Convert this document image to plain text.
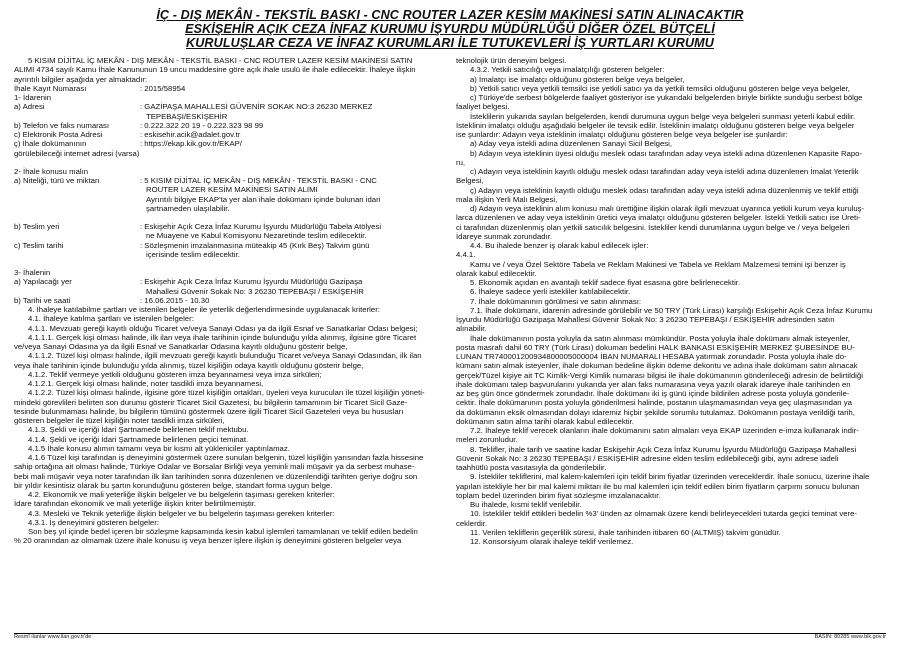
İÇ - DIŞ MEKÂN - TEKSTİL BASKI - CNC ROUTER LAZER KESİM MAKİNESİ SATIN ALINACAKTIR
ESKİŞEHİR AÇIK CEZA İNFAZ KURUMU İŞYURDU MÜDÜRLÜĞÜ DİĞER ÖZEL BÜTÇELİ
KURULUŞLAR CEZA VE İNFAZ KURUMLARI İLE TUTUKEVLERİ İŞ YURTLARI KURUMU
5 KISIM DİJİTAL İÇ MEKÂN - DIŞ MEKÂN - TEKSTİL BASKI - CNC ROUTER LAZER KESİM MAKİNESİ SATIN
ALIMI 4734 sayılı Kamu İhale Kanununun 19 uncu maddesine göre açık ihale usulü ile ihale edilecektir. İhaleye ilişkin
ayrıntılı bilgiler aşağıda yer almaktadır:
İhale Kayıt Numarası	: 2015/58954
1- İdarenin
a) Adresi	: GAZİPAŞA MAHALLESİ GÜVENİR SOKAK NO:3 26230 MERKEZ
TEPEBAŞI/ESKİŞEHİR
b) Telefon ve faks numarası	: 0.222.322 20 19 - 0.222.323 98 99
c) Elektronik Posta Adresi	: eskisehir.acik@adalet.gov.tr
ç) İhale dokümanının	: https://ekap.kik.gov.tr/EKAP/
görülebileceği internet adresi (varsa)
2- İhale konusu malın
a) Niteliği, türü ve miktarı	: 5 KISIM DİJİTAL İÇ MEKÂN - DIŞ MEKÂN - TEKSTİL BASKI - CNC
ROUTER LAZER KESİM MAKİNESİ SATIN ALIMI
Ayrıntılı bilgiye EKAP'ta yer alan ihale dokümanı içinde bulunan idari
şartnameden ulaşılabilir.
b) Teslim yeri	: Eskişehir Açık Ceza İnfaz Kurumu İşyurdu Müdürlüğü Tabela Atölyesi
ne Muayene ve Kabul Komisyonu Nezaretinde teslim edilecektir.
c) Teslim tarihi	: Sözleşmenin imzalanmasına müteakip 45 (Kırk Beş) Takvim günü
içerisinde teslim edilecektir.
3- İhalenin
a) Yapılacağı yer	: Eskişehir Açık Ceza İnfaz Kurumu İşyurdu Müdürlüğü Gazipaşa
Mahallesi Güvenir Sokak No: 3 26230 TEPEBAŞI / ESKİŞEHİR
b) Tarihi ve saati	: 16.06.2015 - 10.30
4. İhaleye katılabilme şartları ve istenilen belgeler ile yeterlik değerlendirmesinde uygulanacak kriterler:
4.1. İhaleye katılma şartları ve istenilen belgeler:
4.1.1. Mevzuatı gereği kayıtlı olduğu Ticaret ve/veya Sanayi Odası ya da ilgili Esnaf ve Sanatkarlar Odası belgesi;
4.1.1.1. Gerçek kişi olması halinde, ilk ilan veya ihale tarihinin içinde bulunduğu yılda alınmış, ilgisine göre Ticaret
ve/veya Sanayi Odasına ya da ilgili Esnaf ve Sanatkarlar Odasına kayıtlı olduğunu gösterir belge,
4.1.1.2. Tüzel kişi olması halinde, ilgili mevzuatı gereği kayıtlı bulunduğu Ticaret ve/veya Sanayi Odasından, ilk ilan
veya ihale tarihinin içinde bulunduğu yılda alınmış, tüzel kişiliğin odaya kayıtlı olduğunu gösterir belge,
4.1.2. Teklif vermeye yetkili olduğunu gösteren imza beyannamesi veya imza sirküleri;
4.1.2.1. Gerçek kişi olması halinde, noter tasdikli imza beyannamesi,
4.1.2.2. Tüzel kişi olması halinde, ilgisine göre tüzel kişiliğin ortakları, üyeleri veya kurucuları ile tüzel kişiliğin yöneti-
mindeki görevlileri belirten son durumu gösterir Ticaret Sicil Gazetesi, bu bilgilerin tamamının bir Ticaret Sicil Gaze-
tesinde bulunmaması halinde, bu bilgilerin tümünü göstermek üzere ilgili Ticaret Sicil Gazeteleri veya bu hususları
gösteren belgeler ile tüzel kişiliğin noter tasdikli imza sirküleri,
4.1.3. Şekli ve içeriği İdari Şartnamede belirlenen teklif mektubu.
4.1.4. Şekli ve içeriği İdari Şartnamede belirlenen geçici teminat.
4.1.5 İhale konusu alımın tamamı veya bir kısmı alt yükleniciler yaptırılamaz.
4.1.6 Tüzel kişi tarafından iş deneyimini göstermek üzere sunulan belgenin, tüzel kişiliğin yarısından fazla hissesine
sahip ortağına ait olması halinde, Türkiye Odalar ve Borsalar Birliği veya yeminli mali müşavir ya da serbest muhase-
bebi mali müşavir veya noter tarafından ilk ilan tarihinden sonra düzenlenen ve düzenlendiği tarihten geriye doğru son
bir yıldır kesintisiz olarak bu şartın korunduğunu gösteren belge, standart forma uygun belge.
4.2. Ekonomik ve mali yeterliğe ilişkin belgeler ve bu belgelerin taşıması gereken kriterler:
İdare tarafından ekonomik ve mali yeterliğe ilişkin kriter belirtilmemiştir.
4.3. Mesleki ve Teknik yeterliğe ilişkin belgeler ve bu belgelerin taşıması gereken kriterler:
4.3.1. İş deneyimini gösteren belgeler:
Son beş yıl içinde bedel içeren bir sözleşme kapsamında kesin kabul işlemleri tamamlanan ve teklif edilen bedelin
% 20 oranından az olmamak üzere ihale konusu iş veya benzer işlere ilişkin iş deneyimini gösteren belgeler veya
teknolojik ürün deneyim belgesi.
4.3.2. Yetkili satıcılığı veya imalatçılığı gösteren belgeler:
a) İmalatçı ise imalatçı olduğunu gösteren belge veya belgeler,
b) Yetkili satıcı veya yetkili temsilci ise yetkili satıcı ya da yetkili temsilci olduğunu gösteren belge veya belgeler,
c) Türkiye'de serbest bölgelerde faaliyet gösteriyor ise yukarıdaki belgelerden biriyle birlikte sunduğu serbest bölge
faaliyet belgesi.
İsteklilerin yukarıda sayılan belgelerden, kendi durumuna uygun belge veya belgeleri sunması yeterli kabul edilir.
İsteklinin imalatçı olduğu aşağıdaki belgeler ile tevsik edilir. İsteklinin imalatçı olduğunu gösteren belge veya belgeler
ise şunlardır: Adayın veya isteklinin imalatçı olduğunu gösteren belge veya belgeler ise şunlardır:
a) Aday veya istekli adına düzenlenen Sanayi Sicil Belgesi,
b) Adayın veya isteklinin üyesi olduğu meslek odası tarafından aday veya istekli adına düzenlenen Kapasite Rapo-
ru,
c) Adayın veya isteklinin kayıtlı olduğu meslek odası tarafından aday veya istekli adına düzenlenen İmalat Yeterlik
Belgesi,
ç) Adayın veya isteklinin kayıtlı olduğu meslek odası tarafından aday veya istekli adına düzenlenmiş ve teklif ettiği
mala ilişkin Yerli Malı Belgesi,
d) Adayın veya isteklinin alım konusu malı ürettiğine ilişkin olarak ilgili mevzuat uyarınca yetkili kurum veya kuruluş-
larca düzenlenen ve aday veya isteklinin üretici veya imalatçı olduğunu gösteren belgeler. İstekli Yetkili satıcı ise Üreti-
ci tarafından düzenlenmiş olan yetkili satıcılık belgesini. İstekliler kendi durumlarına uygun belge ve / veya belgeleri
İdareye sunmak zorundadır.
4.4. Bu ihalede benzer iş olarak kabul edilecek işler:
4.4.1.
Kamu ve / veya Özel Sektöre Tabela ve Reklam Makinesi ve Tabela ve Reklam Malzemesi temini işi benzer iş
olarak kabul edilecektir.
5. Ekonomik açıdan en avantajlı teklif sadece fiyat esasına göre belirlenecektir.
6. İhaleye sadece yerli istekliler katılabilecektir.
7. İhale dokümanının görülmesi ve satın alınması:
7.1. İhale dokümanı, idarenin adresinde görülebilir ve 50 TRY (Türk Lirası) karşılığı Eskişehir Açık Ceza İnfaz Kurumu
İşyurdu Müdürlüğü Gazipaşa Mahallesi Güvenir Sokak No: 3 26230 TEPEBAŞI / ESKİŞEHİR adresinden satın
alınabilir.
İhale dokümanının posta yoluyla da satın alınması mümkündür. Posta yoluyla ihale dokümanı almak isteyenler,
posta masrafı dahil 60 TRY (Türk Lirası) dokuman bedelini HALK BANKASI ESKİŞEHİR MERKEZ ŞUBESİNDE BU-
LUNAN TR740001200934800005000004 İBAN NUMARALI HESABA yatırmak zorundadır. Posta yoluyla ihale do-
kümanı satın almak isteyenler, ihale dokuman bedeline ilişkin ödeme dekontu ve adına ihale dokümanı satın alınacak
gerçek/Tüzel kişiye ait TC Kimlik-Vergi Kimlik numarası bilgisi ile ihale dokümanının gönderileceği adresin de belirtildiği
ihale dokümanı talep başvurularını yukarıda yer alan faks numarasına veya yazılı olarak idareye ihale tarihinden en
az beş gün önce göndermek zorundadır. İhale dokümanı iki iş günü içinde bildirilen adrese posta yoluyla gönderile-
cektir. İhale dokümanının posta yoluyla gönderilmesi halinde, postanın ulaşmamasından veya geç ulaşmasından ya
da dokümanın eksik olmasından dolayı idaremiz hiçbir şekilde sorumlu tutulamaz. Dokümanın postaya verildiği tarih,
dokümanın satın alma tarihi olarak kabul edilecektir.
7.2. İhaleye teklif verecek olanların ihale dokümanını satın almaları veya EKAP üzerinden e-imza kullanarak indir-
meleri zorunludur.
8. Teklifler, ihale tarih ve saatine kadar Eskişehir Açık Ceza İnfaz Kurumu İşyurdu Müdürlüğü Gazipaşa Mahallesi
Güvenir Sokak No: 3 26230 TEPEBAŞI / ESKİŞEHİR adresine elden teslim edilebileceği gibi, aynı adrese iadeli
taahhütlü posta vasıtasıyla da gönderilebilir.
9. İstekliler tekliflerini, mal kalem-kalemleri için teklif birim fiyatlar üzerinden vereceklerdir. İhale sonucu, üzerine ihale
yapılan istekliyle her bir mal kalemi miktarı ile bu mal kalemleri için teklif edilen birim fiyatların çarpımı sonucu bulunan
toplam bedel üzerinden birim fiyat sözleşme imzalanacaktır.
Bu ihalede, kısmi teklif verilebilir.
10. İstekliler teklif ettikleri bedelin %3' ünden az olmamak üzere kendi belirleyecekleri tutarda geçici teminat vere-
ceklerdir.
11. Verilen tekliflerin geçerlilik süresi, ihale tarihinden itibaren 60 (ALTMIŞ) takvim günüdür.
12. Konsorsiyum olarak ihaleye teklif verilemez.
Resmî ilanlar www.ilan.gov.tr'de	BASIN: 80285 www.bik.gov.tr
